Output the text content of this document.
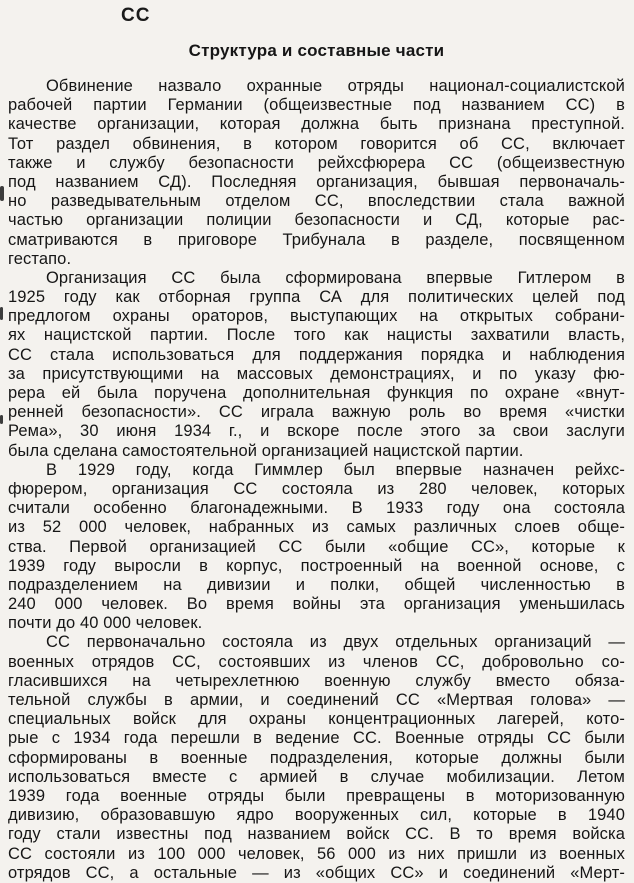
СС
Структура и составные части
Обвинение назвало охранные отряды национал-социалистской
рабочей партии Германии (общеизвестные под названием СС) в
качестве организации, которая должна быть признана преступной.
Тот раздел обвинения, в котором говорится об СС, включает
также и службу безопасности рейхсфюрера СС (общеизвестную
под названием СД). Последняя организация, бывшая первоначаль-
но разведывательным отделом СС, впоследствии стала важной
частью организации полиции безопасности и СД, которые рас-
сматриваются в приговоре Трибунала в разделе, посвященном
гестапо.
Организация СС была сформирована впервые Гитлером в
1925 году как отборная группа СА для политических целей под
предлогом охраны ораторов, выступающих на открытых собрани-
ях нацистской партии. После того как нацисты захватили власть,
СС стала использоваться для поддержания порядка и наблюдения
за присутствующими на массовых демонстрациях, и по указу фю-
рера ей была поручена дополнительная функция по охране «внут-
ренней безопасности». СС играла важную роль во время «чистки
Рема», 30 июня 1934 г., и вскоре после этого за свои заслуги
была сделана самостоятельной организацией нацистской партии.
В 1929 году, когда Гиммлер был впервые назначен рейхс-
фюрером, организация СС состояла из 280 человек, которых
считали особенно благонадежными. В 1933 году она состояла
из 52 000 человек, набранных из самых различных слоев обще-
ства. Первой организацией СС были «общие СС», которые к
1939 году выросли в корпус, построенный на военной основе, с
подразделением на дивизии и полки, общей численностью в
240 000 человек. Во время войны эта организация уменьшилась
почти до 40 000 человек.
СС первоначально состояла из двух отдельных организаций —
военных отрядов СС, состоявших из членов СС, добровольно со-
гласившихся на четырехлетнюю военную службу вместо обяза-
тельной службы в армии, и соединений СС «Мертвая голова» —
специальных войск для охраны концентрационных лагерей, кото-
рые с 1934 года перешли в ведение СС. Военные отряды СС были
сформированы в военные подразделения, которые должны были
использоваться вместе с армией в случае мобилизации. Летом
1939 года военные отряды были превращены в моторизованную
дивизию, образовавшую ядро вооруженных сил, которые в 1940
году стали известны под названием войск СС. В то время войска
СС состояли из 100 000 человек, 56 000 из них пришли из военных
отрядов СС, а остальные — из «общих СС» и соединений «Мерт-
